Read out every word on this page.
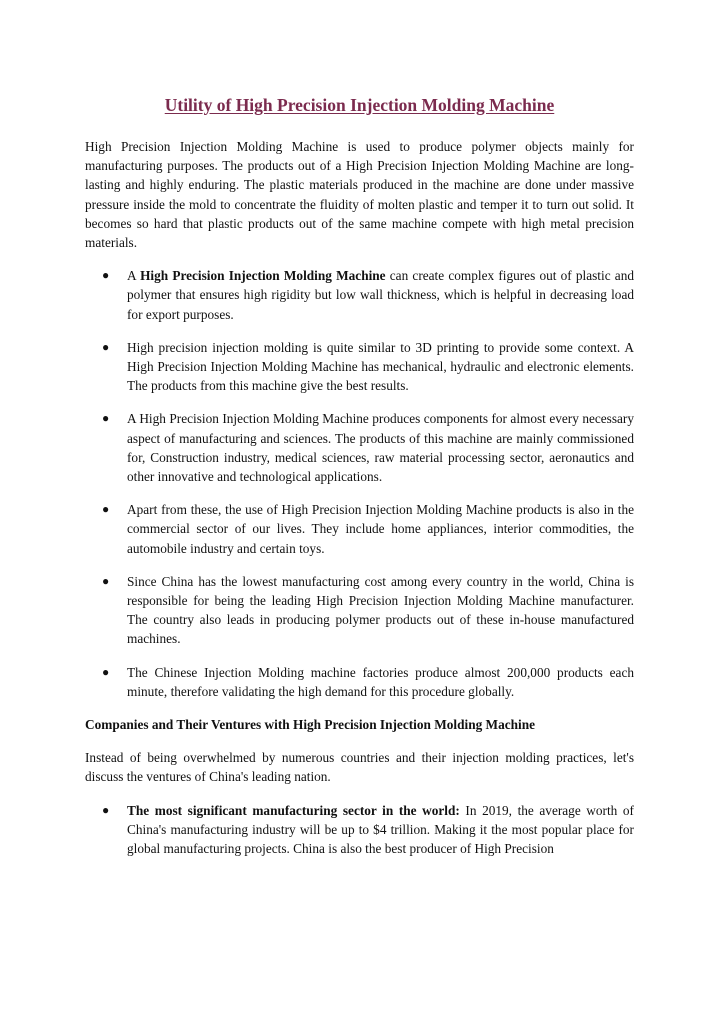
Utility of High Precision Injection Molding Machine

High Precision Injection Molding Machine is used to produce polymer objects mainly for manufacturing purposes. The products out of a High Precision Injection Molding Machine are long-lasting and highly enduring. The plastic materials produced in the machine are done under massive pressure inside the mold to concentrate the fluidity of molten plastic and temper it to turn out solid. It becomes so hard that plastic products out of the same machine compete with high metal precision materials.

● A High Precision Injection Molding Machine can create complex figures out of plastic and polymer that ensures high rigidity but low wall thickness, which is helpful in decreasing load for export purposes.
● High precision injection molding is quite similar to 3D printing to provide some context. A High Precision Injection Molding Machine has mechanical, hydraulic and electronic elements. The products from this machine give the best results.
● A High Precision Injection Molding Machine produces components for almost every necessary aspect of manufacturing and sciences. The products of this machine are mainly commissioned for, Construction industry, medical sciences, raw material processing sector, aeronautics and other innovative and technological applications.
● Apart from these, the use of High Precision Injection Molding Machine products is also in the commercial sector of our lives. They include home appliances, interior commodities, the automobile industry and certain toys.
● Since China has the lowest manufacturing cost among every country in the world, China is responsible for being the leading High Precision Injection Molding Machine manufacturer. The country also leads in producing polymer products out of these in-house manufactured machines.
● The Chinese Injection Molding machine factories produce almost 200,000 products each minute, therefore validating the high demand for this procedure globally.

Companies and Their Ventures with High Precision Injection Molding Machine

Instead of being overwhelmed by numerous countries and their injection molding practices, let's discuss the ventures of China's leading nation.

● The most significant manufacturing sector in the world: In 2019, the average worth of China's manufacturing industry will be up to $4 trillion. Making it the most popular place for global manufacturing projects. China is also the best producer of High Precision
